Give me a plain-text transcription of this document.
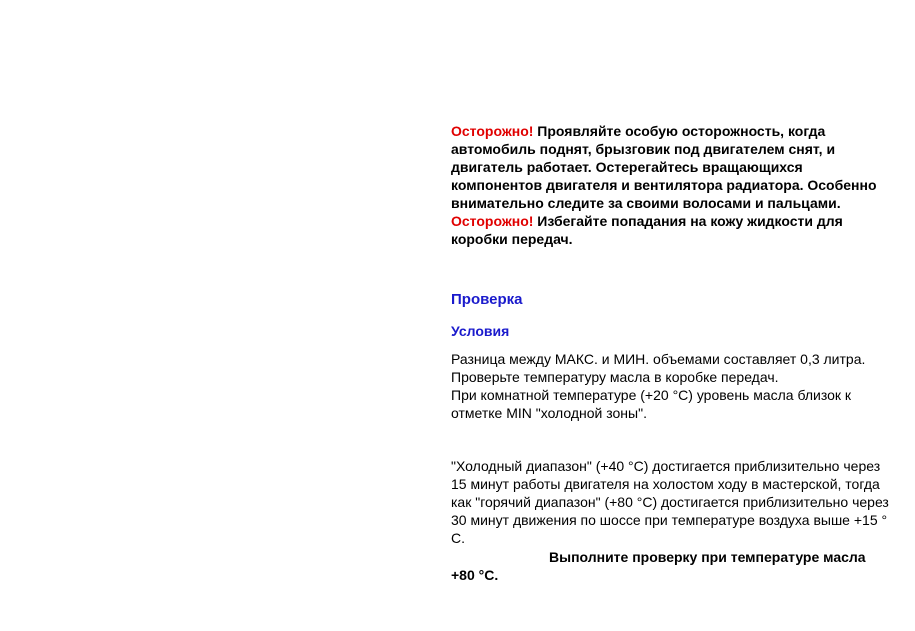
Осторожно! Проявляйте особую осторожность, когда
автомобиль поднят, брызговик под двигателем снят, и
двигатель работает. Остерегайтесь вращающихся
компонентов двигателя и вентилятора радиатора. Особенно
внимательно следите за своими волосами и пальцами.
Осторожно! Избегайте попадания на кожу жидкости для
коробки передач.
Проверка
Условия
Разница между МАКС. и МИН. объемами составляет 0,3 литра.
Проверьте температуру масла в коробке передач.
При комнатной температуре (+20 °C) уровень масла близок к
отметке MIN "холодной зоны".
"Холодный диапазон" (+40 °C) достигается приблизительно через
15 минут работы двигателя на холостом ходу в мастерской, тогда
как "горячий диапазон" (+80 °C) достигается приблизительно через
30 минут движения по шоссе при температуре воздуха выше +15 °
C.
Выполните проверку при температуре масла
+80 °C.
